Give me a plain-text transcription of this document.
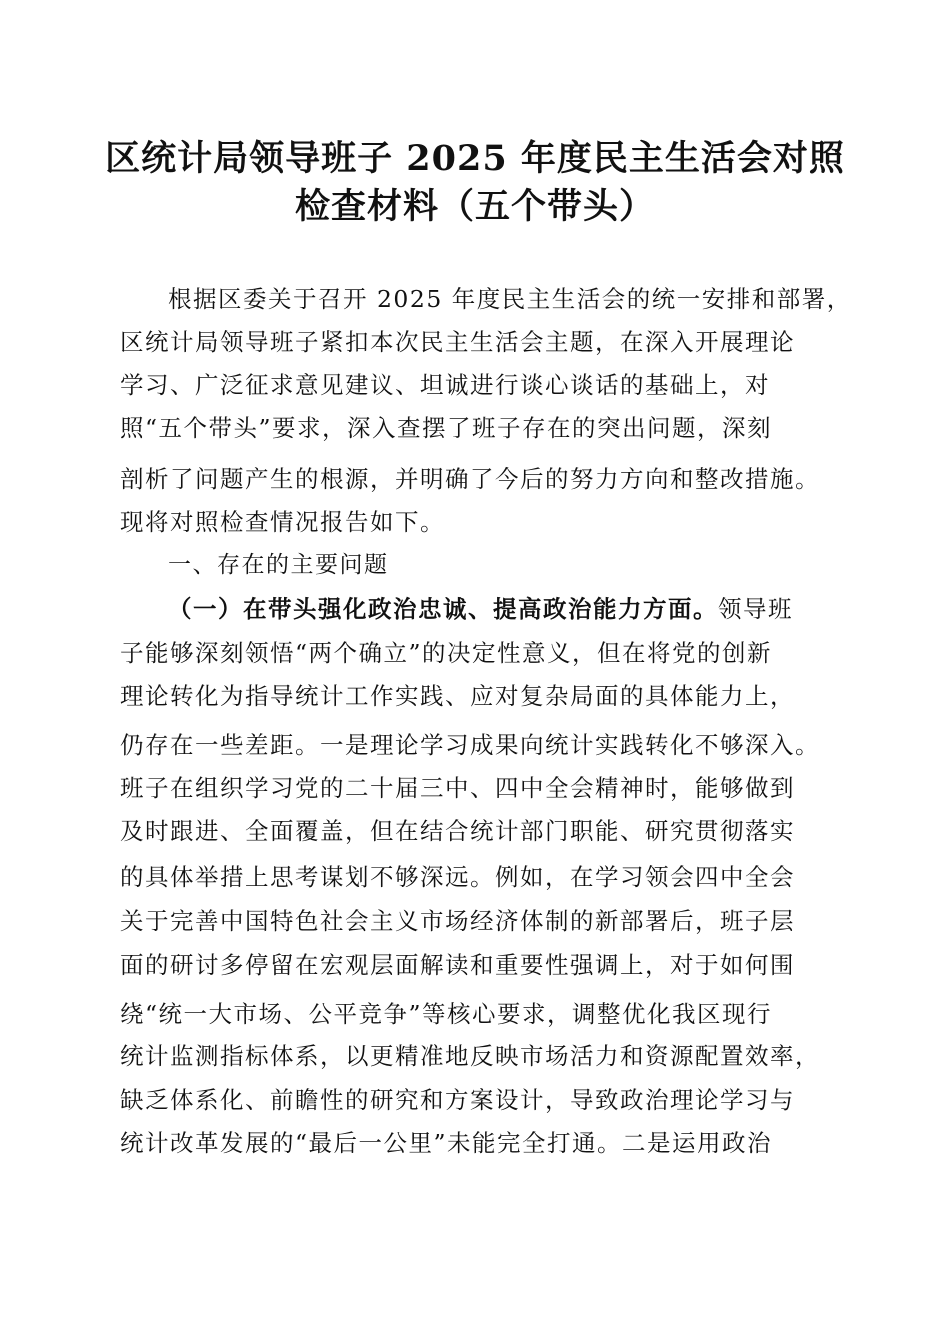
区统计局领导班子 2025 年度民主生活会对照
检查材料（五个带头）

根据区委关于召开 2025 年度民主生活会的统一安排和部署，

区统计局领导班子紧扣本次民主生活会主题，在深入开展理论

学习、广泛征求意见建议、坦诚进行谈心谈话的基础上，对

照“五个带头”要求，深入查摆了班子存在的突出问题，深刻

剖析了问题产生的根源，并明确了今后的努力方向和整改措施。

现将对照检查情况报告如下。

一、存在的主要问题

（一）在带头强化政治忠诚、提高政治能力方面。领导班

子能够深刻领悟“两个确立”的决定性意义，但在将党的创新

理论转化为指导统计工作实践、应对复杂局面的具体能力上，

仍存在一些差距。一是理论学习成果向统计实践转化不够深入。

班子在组织学习党的二十届三中、四中全会精神时，能够做到

及时跟进、全面覆盖，但在结合统计部门职能、研究贯彻落实

的具体举措上思考谋划不够深远。例如，在学习领会四中全会

关于完善中国特色社会主义市场经济体制的新部署后，班子层

面的研讨多停留在宏观层面解读和重要性强调上，对于如何围

绕“统一大市场、公平竞争”等核心要求，调整优化我区现行

统计监测指标体系，以更精准地反映市场活力和资源配置效率，

缺乏体系化、前瞻性的研究和方案设计，导致政治理论学习与

统计改革发展的“最后一公里”未能完全打通。二是运用政治
